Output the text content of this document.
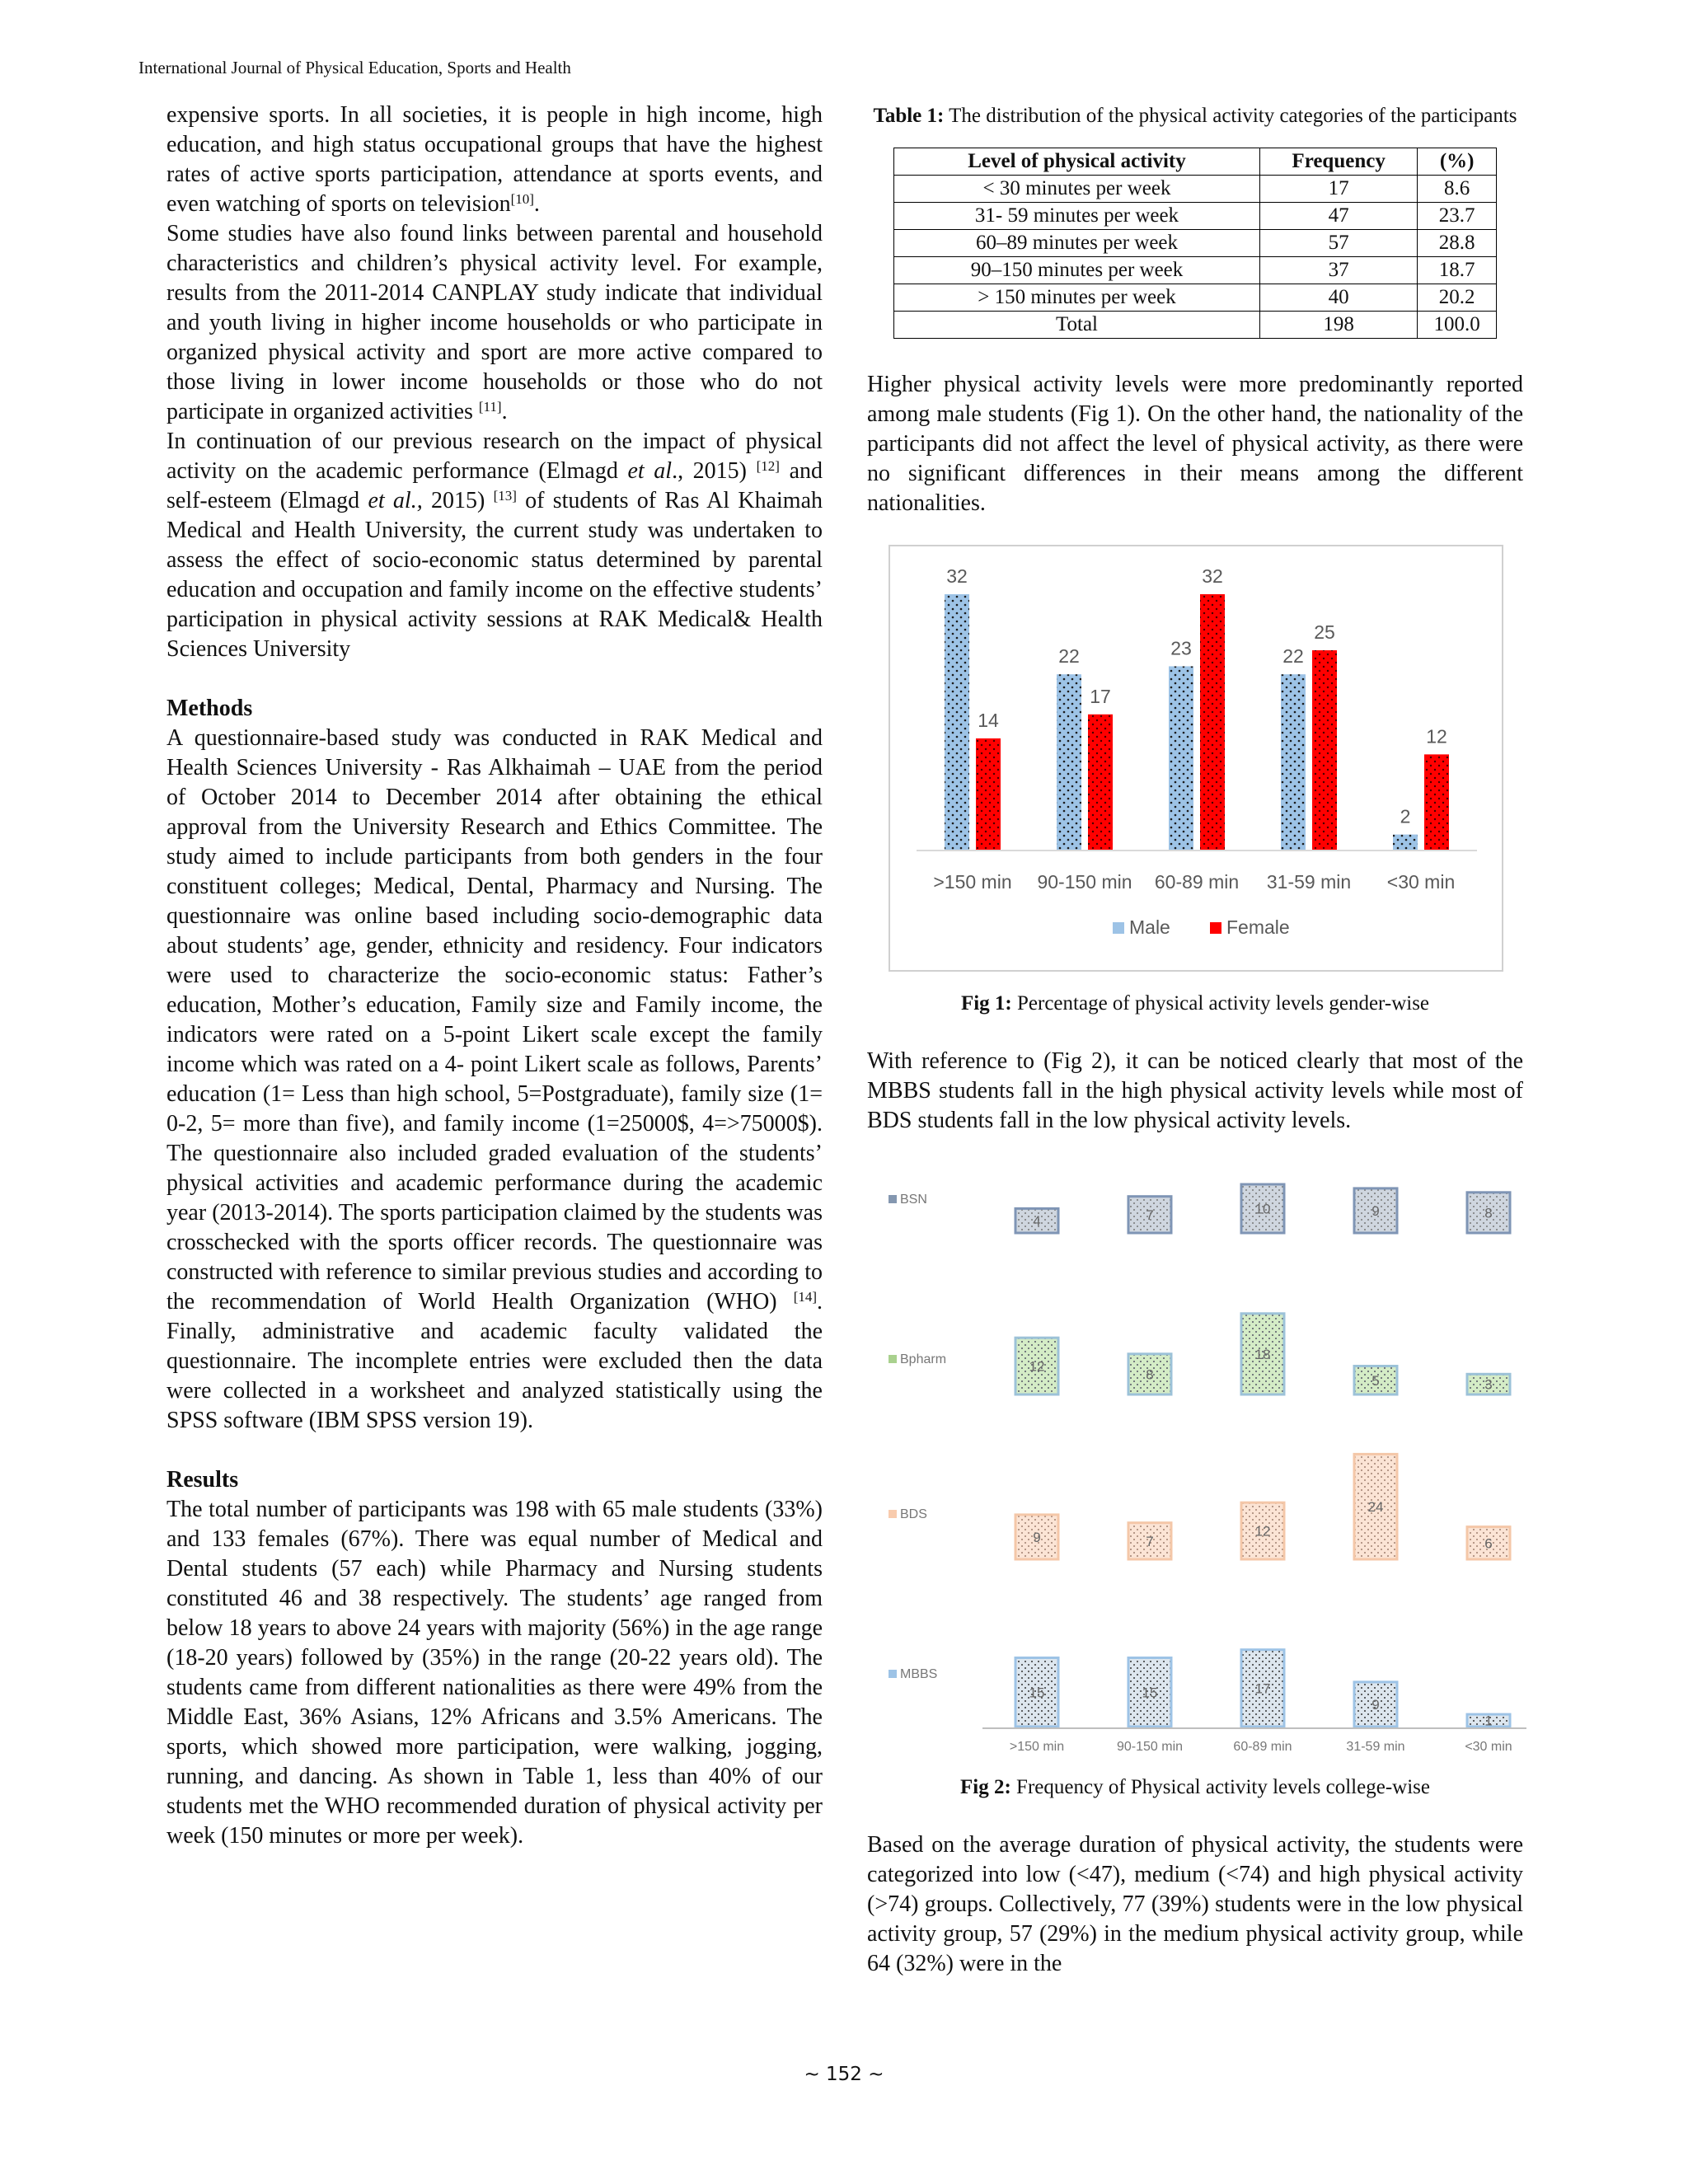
International Journal of Physical Education, Sports and Health

expensive sports. In all societies, it is people in high income, high education, and high status occupational groups that have the highest rates of active sports participation, attendance at sports events, and even watching of sports on television[10].

Some studies have also found links between parental and household characteristics and children’s physical activity level. For example, results from the 2011-2014 CANPLAY study indicate that individual and youth living in higher income households or who participate in organized physical activity and sport are more active compared to those living in lower income households or those who do not participate in organized activities [11].

In continuation of our previous research on the impact of physical activity on the academic performance (Elmagd et al., 2015) [12] and self-esteem (Elmagd et al., 2015) [13] of students of Ras Al Khaimah Medical and Health University, the current study was undertaken to assess the effect of socio-economic status determined by parental education and occupation and family income on the effective students’ participation in physical activity sessions at RAK Medical& Health Sciences University

Methods

A questionnaire-based study was conducted in RAK Medical and Health Sciences University - Ras Alkhaimah – UAE from the period of October 2014 to December 2014 after obtaining the ethical approval from the University Research and Ethics Committee. The study aimed to include participants from both genders in the four constituent colleges; Medical, Dental, Pharmacy and Nursing. The questionnaire was online based including socio-demographic data about students’ age, gender, ethnicity and residency. Four indicators were used to characterize the socio-economic status: Father’s education, Mother’s education, Family size and Family income, the indicators were rated on a 5-point Likert scale except the family income which was rated on a 4- point Likert scale as follows, Parents’ education (1= Less than high school, 5=Postgraduate), family size (1= 0-2, 5= more than five), and family income (1=25000$, 4=>75000$). The questionnaire also included graded evaluation of the students’ physical activities and academic performance during the academic year (2013-2014). The sports participation claimed by the students was crosschecked with the sports officer records. The questionnaire was constructed with reference to similar previous studies and according to the recommendation of World Health Organization (WHO) [14]. Finally, administrative and academic faculty validated the questionnaire. The incomplete entries were excluded then the data were collected in a worksheet and analyzed statistically using the SPSS software (IBM SPSS version 19).

Results

The total number of participants was 198 with 65 male students (33%) and 133 females (67%). There was equal number of Medical and Dental students (57 each) while Pharmacy and Nursing students constituted 46 and 38 respectively. The students’ age ranged from below 18 years to above 24 years with majority (56%) in the age range (18-20 years) followed by (35%) in the range (20-22 years old). The students came from different nationalities as there were 49% from the Middle East, 36% Asians, 12% Africans and 3.5% Americans. The sports, which showed more participation, were walking, jogging, running, and dancing. As shown in Table 1, less than 40% of our students met the WHO recommended duration of physical activity per week (150 minutes or more per week).

Table 1: The distribution of the physical activity categories of the participants
Level of physical activity	Frequency	(%)
< 30 minutes per week	17	8.6
31- 59 minutes per week	47	23.7
60–89 minutes per week	57	28.8
90–150 minutes per week	37	18.7
> 150 minutes per week	40	20.2
Total	198	100.0

Higher physical activity levels were more predominantly reported among male students (Fig 1). On the other hand, the nationality of the participants did not affect the level of physical activity, as there were no significant differences in their means among the different nationalities.

32
14
22
17
23
32
22
25
2
12
>150 min 90-150 min 60-89 min 31-59 min <30 min
Male	Female
Fig 1: Percentage of physical activity levels gender-wise

With reference to (Fig 2), it can be noticed clearly that most of the MBBS students fall in the high physical activity levels while most of BDS students fall in the low physical activity levels.

4	7	10	9	8
12
8
18
5	3
9	7
12
24
6
15	15	17
9
1
>150 min	90-150 min	60-89 min	31-59 min	<30 min
BSN
Bpharm
BDS
MBBS
Fig 2: Frequency of Physical activity levels college-wise

Based on the average duration of physical activity, the students were categorized into low (<47), medium (<74) and high physical activity (>74) groups. Collectively, 77 (39%) students were in the low physical activity group, 57 (29%) in the medium physical activity group, while 64 (32%) were in the

~ 152 ~
